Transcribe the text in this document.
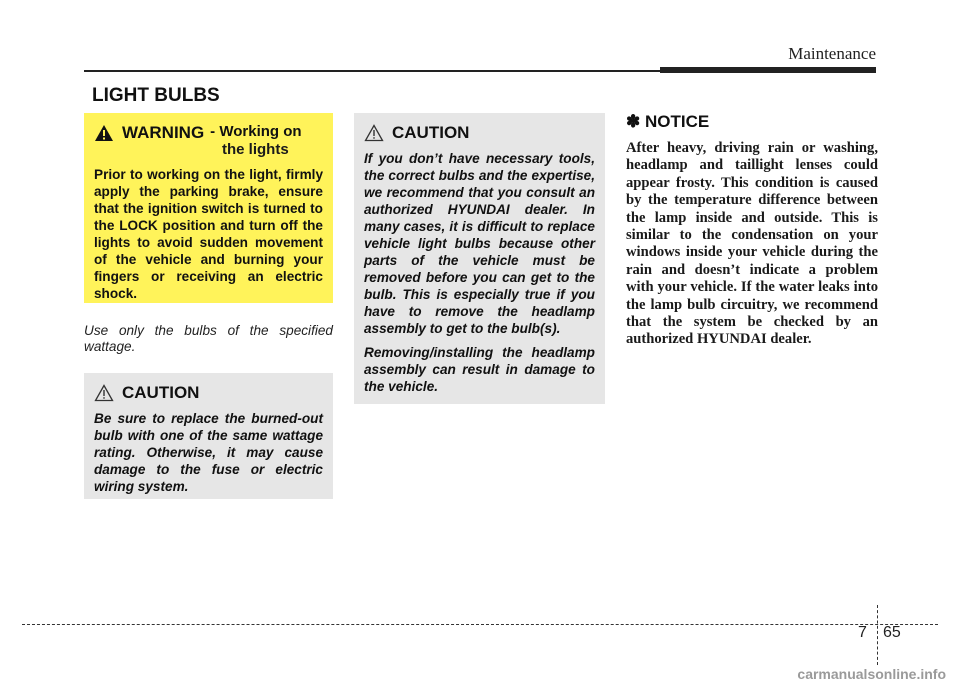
Maintenance
LIGHT BULBS
WARNING - Working on
the lights
Prior to working on the light, firmly apply the parking brake, ensure that the ignition switch is turned to the LOCK position and turn off the lights to avoid sudden movement of the vehicle and burning your fingers or receiving an electric shock.
Use only the bulbs of the specified wattage.
CAUTION
Be sure to replace the burned-out bulb with one of the same wattage rating. Otherwise, it may cause damage to the fuse or electric wiring system.
CAUTION

If you don’t have necessary tools, the correct bulbs and the expertise, we recommend that you consult an authorized HYUNDAI dealer. In many cases, it is difficult to replace vehicle light bulbs because other parts of the vehicle must be removed before you can get to the bulb. This is especially true if you have to remove the headlamp assembly to get to the bulb(s).

Removing/installing the headlamp assembly can result in damage to the vehicle.

✽ NOTICE
After heavy, driving rain or washing, headlamp and taillight lenses could appear frosty. This condition is caused by the temperature difference between the lamp inside and outside. This is similar to the condensation on your windows inside your vehicle during the rain and doesn’t indicate a problem with your vehicle. If the water leaks into the lamp bulb circuitry, we recommend that the system be checked by an authorized HYUNDAI dealer.
7 65
carmanualsonline.info
